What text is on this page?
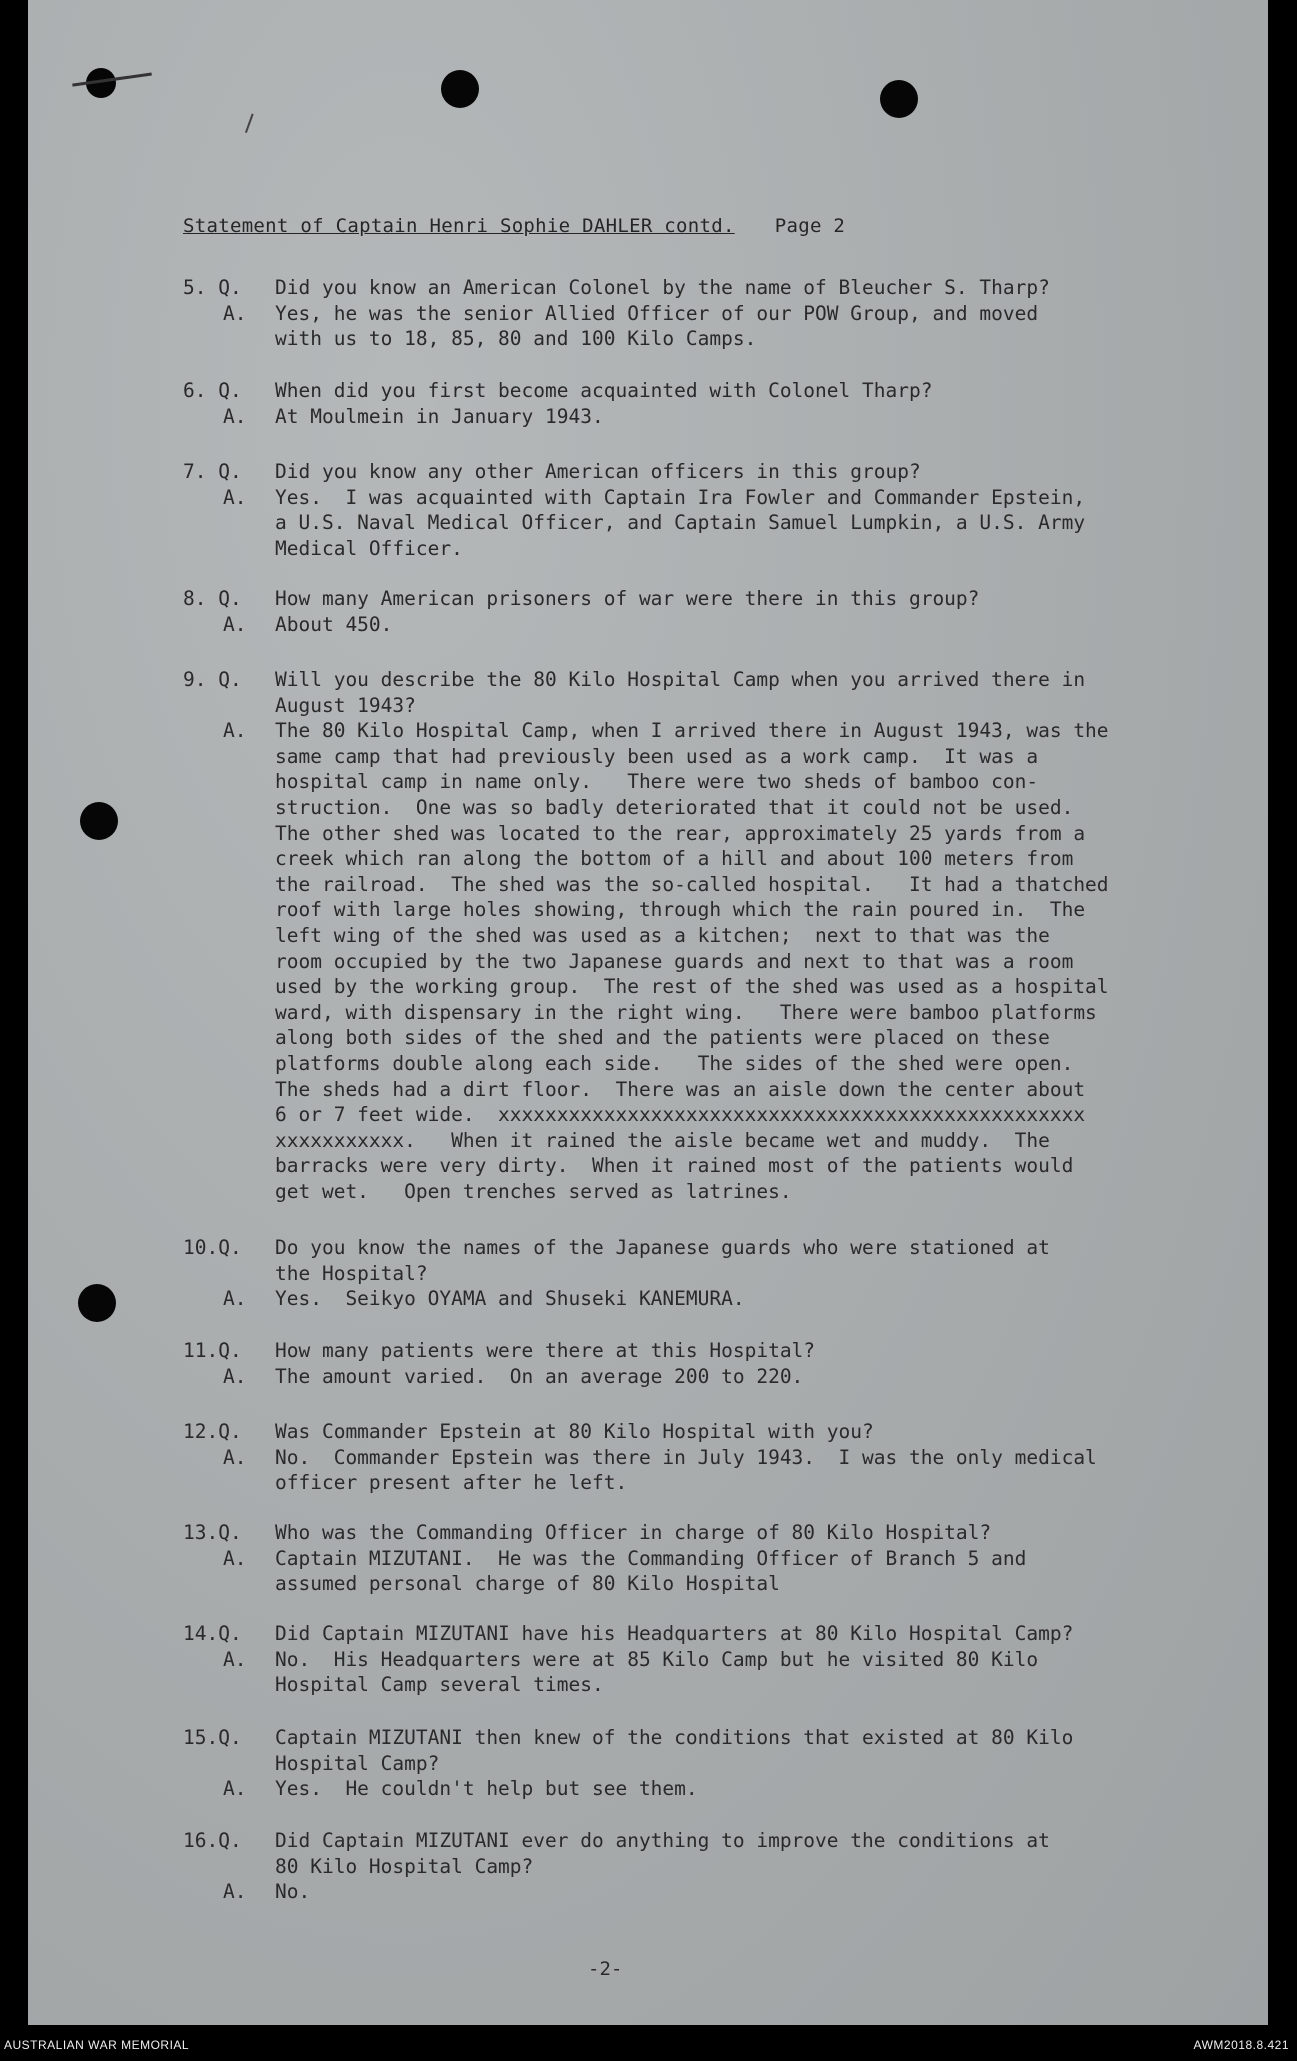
Statement of Captain Henri Sophie DAHLER contd. Page 2
5. Q.	Did you know an American Colonel by the name of Bleucher S. Tharp?
A. Yes, he was the senior Allied Officer of our POW Group, and moved
with us to 18, 85, 80 and 100 Kilo Camps.
6. Q.	When did you first become acquainted with Colonel Tharp?
A. At Moulmein in January 1943.
7. Q.	Did you know any other American officers in this group?
A. Yes.  I was acquainted with Captain Ira Fowler and Commander Epstein,
a U.S. Naval Medical Officer, and Captain Samuel Lumpkin, a U.S. Army
Medical Officer.
8. Q.	How many American prisoners of war were there in this group?
A. About 450.
9. Q.	Will you describe the 80 Kilo Hospital Camp when you arrived there in
August 1943?
A. The 80 Kilo Hospital Camp, when I arrived there in August 1943, was the
same camp that had previously been used as a work camp.  It was a
hospital camp in name only.   There were two sheds of bamboo con-
struction.  One was so badly deteriorated that it could not be used.
The other shed was located to the rear, approximately 25 yards from a
creek which ran along the bottom of a hill and about 100 meters from
the railroad.  The shed was the so-called hospital.   It had a thatched
roof with large holes showing, through which the rain poured in.  The
left wing of the shed was used as a kitchen;  next to that was the
room occupied by the two Japanese guards and next to that was a room
used by the working group.  The rest of the shed was used as a hospital
ward, with dispensary in the right wing.   There were bamboo platforms
along both sides of the shed and the patients were placed on these
platforms double along each side.   The sides of the shed were open.
The sheds had a dirt floor.  There was an aisle down the center about
6 or 7 feet wide.  xxxxxxxxxxxxxxxxxxxxxxxxxxxxxxxxxxxxxxxxxxxxxxxxxx
xxxxxxxxxxx.   When it rained the aisle became wet and muddy.  The
barracks were very dirty.  When it rained most of the patients would
get wet.   Open trenches served as latrines.
10.Q.	Do you know the names of the Japanese guards who were stationed at
the Hospital?
A. Yes.  Seikyo OYAMA and Shuseki KANEMURA.
11.Q.	How many patients were there at this Hospital?
A. The amount varied.  On an average 200 to 220.
12.Q.	Was Commander Epstein at 80 Kilo Hospital with you?
A. No.  Commander Epstein was there in July 1943.  I was the only medical
officer present after he left.
13.Q.	Who was the Commanding Officer in charge of 80 Kilo Hospital?
A. Captain MIZUTANI.  He was the Commanding Officer of Branch 5 and
assumed personal charge of 80 Kilo Hospital
14.Q.	Did Captain MIZUTANI have his Headquarters at 80 Kilo Hospital Camp?
A. No.  His Headquarters were at 85 Kilo Camp but he visited 80 Kilo
Hospital Camp several times.
15.Q.	Captain MIZUTANI then knew of the conditions that existed at 80 Kilo
Hospital Camp?
A. Yes.  He couldn't help but see them.
16.Q.	Did Captain MIZUTANI ever do anything to improve the conditions at
80 Kilo Hospital Camp?
A. No.
-2-
AUSTRALIAN WAR MEMORIAL	AWM2018.8.421
